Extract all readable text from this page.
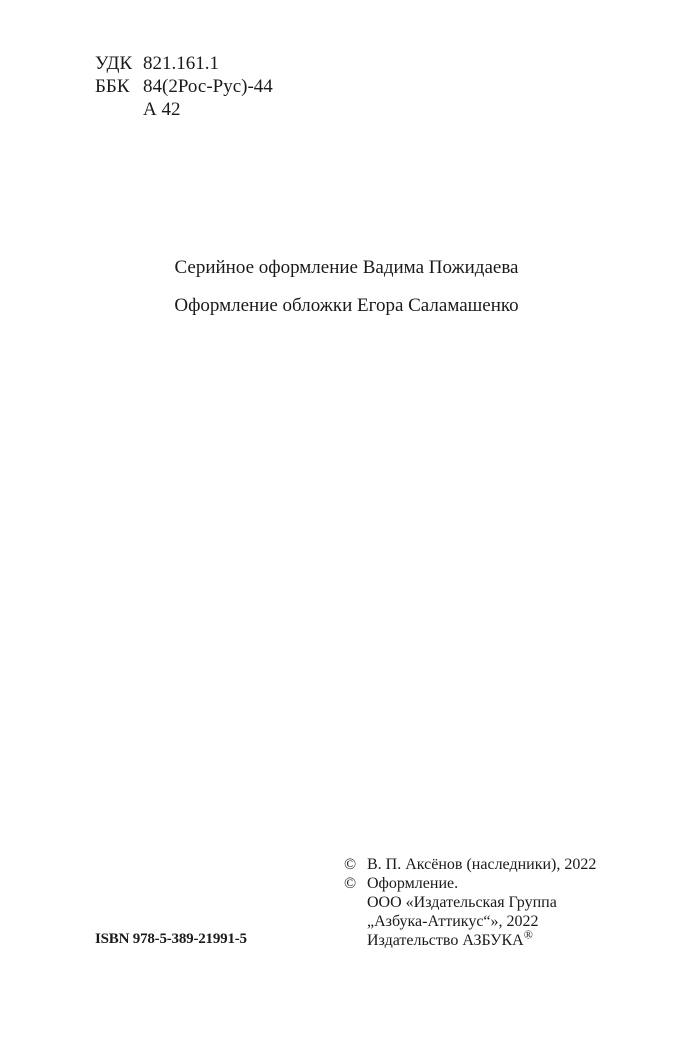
УДК 821.161.1
ББК 84(2Рос-Рус)-44
А 42
Серийное оформление Вадима Пожидаева
Оформление обложки Егора Саламашенко
© В. П. Аксёнов (наследники), 2022
© Оформление.
ООО «Издательская Группа
„Азбука-Аттикус“», 2022
Издательство АЗБУКА®
ISBN 978-5-389-21991-5
